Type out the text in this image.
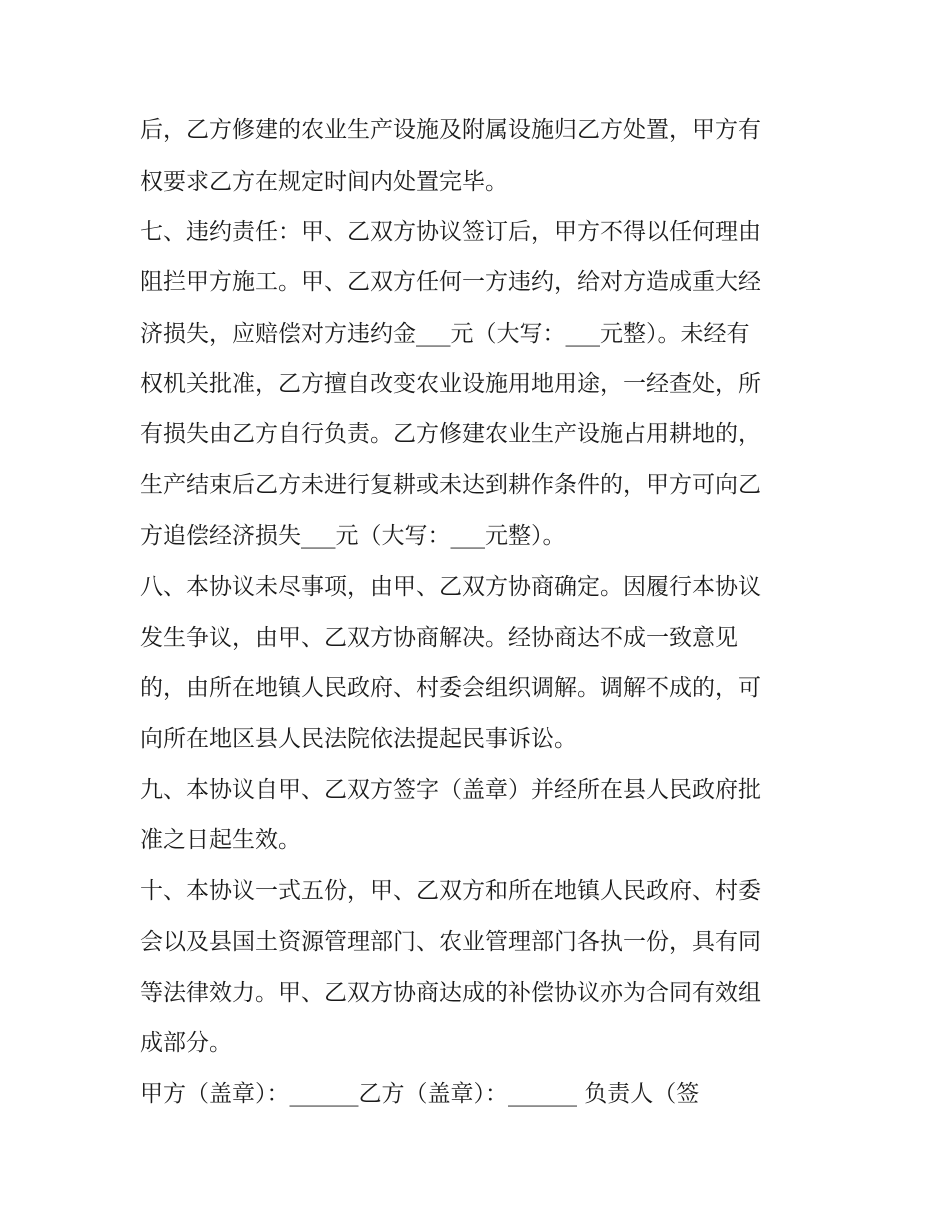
后，乙方修建的农业生产设施及附属设施归乙方处置，甲方有
权要求乙方在规定时间内处置完毕。
七、违约责任：甲、乙双方协议签订后，甲方不得以任何理由
阻拦甲方施工。甲、乙双方任何一方违约，给对方造成重大经
济损失，应赔偿对方违约金___元（大写：___元整）。未经有
权机关批准，乙方擅自改变农业设施用地用途，一经查处，所
有损失由乙方自行负责。乙方修建农业生产设施占用耕地的，
生产结束后乙方未进行复耕或未达到耕作条件的，甲方可向乙
方追偿经济损失___元（大写：___元整）。
八、本协议未尽事项，由甲、乙双方协商确定。因履行本协议
发生争议，由甲、乙双方协商解决。经协商达不成一致意见
的，由所在地镇人民政府、村委会组织调解。调解不成的，可
向所在地区县人民法院依法提起民事诉讼。
九、本协议自甲、乙双方签字（盖章）并经所在县人民政府批
准之日起生效。
十、本协议一式五份，甲、乙双方和所在地镇人民政府、村委
会以及县国土资源管理部门、农业管理部门各执一份，具有同
等法律效力。甲、乙双方协商达成的补偿协议亦为合同有效组
成部分。
甲方（盖章）：______乙方（盖章）：______ 负责人（签
